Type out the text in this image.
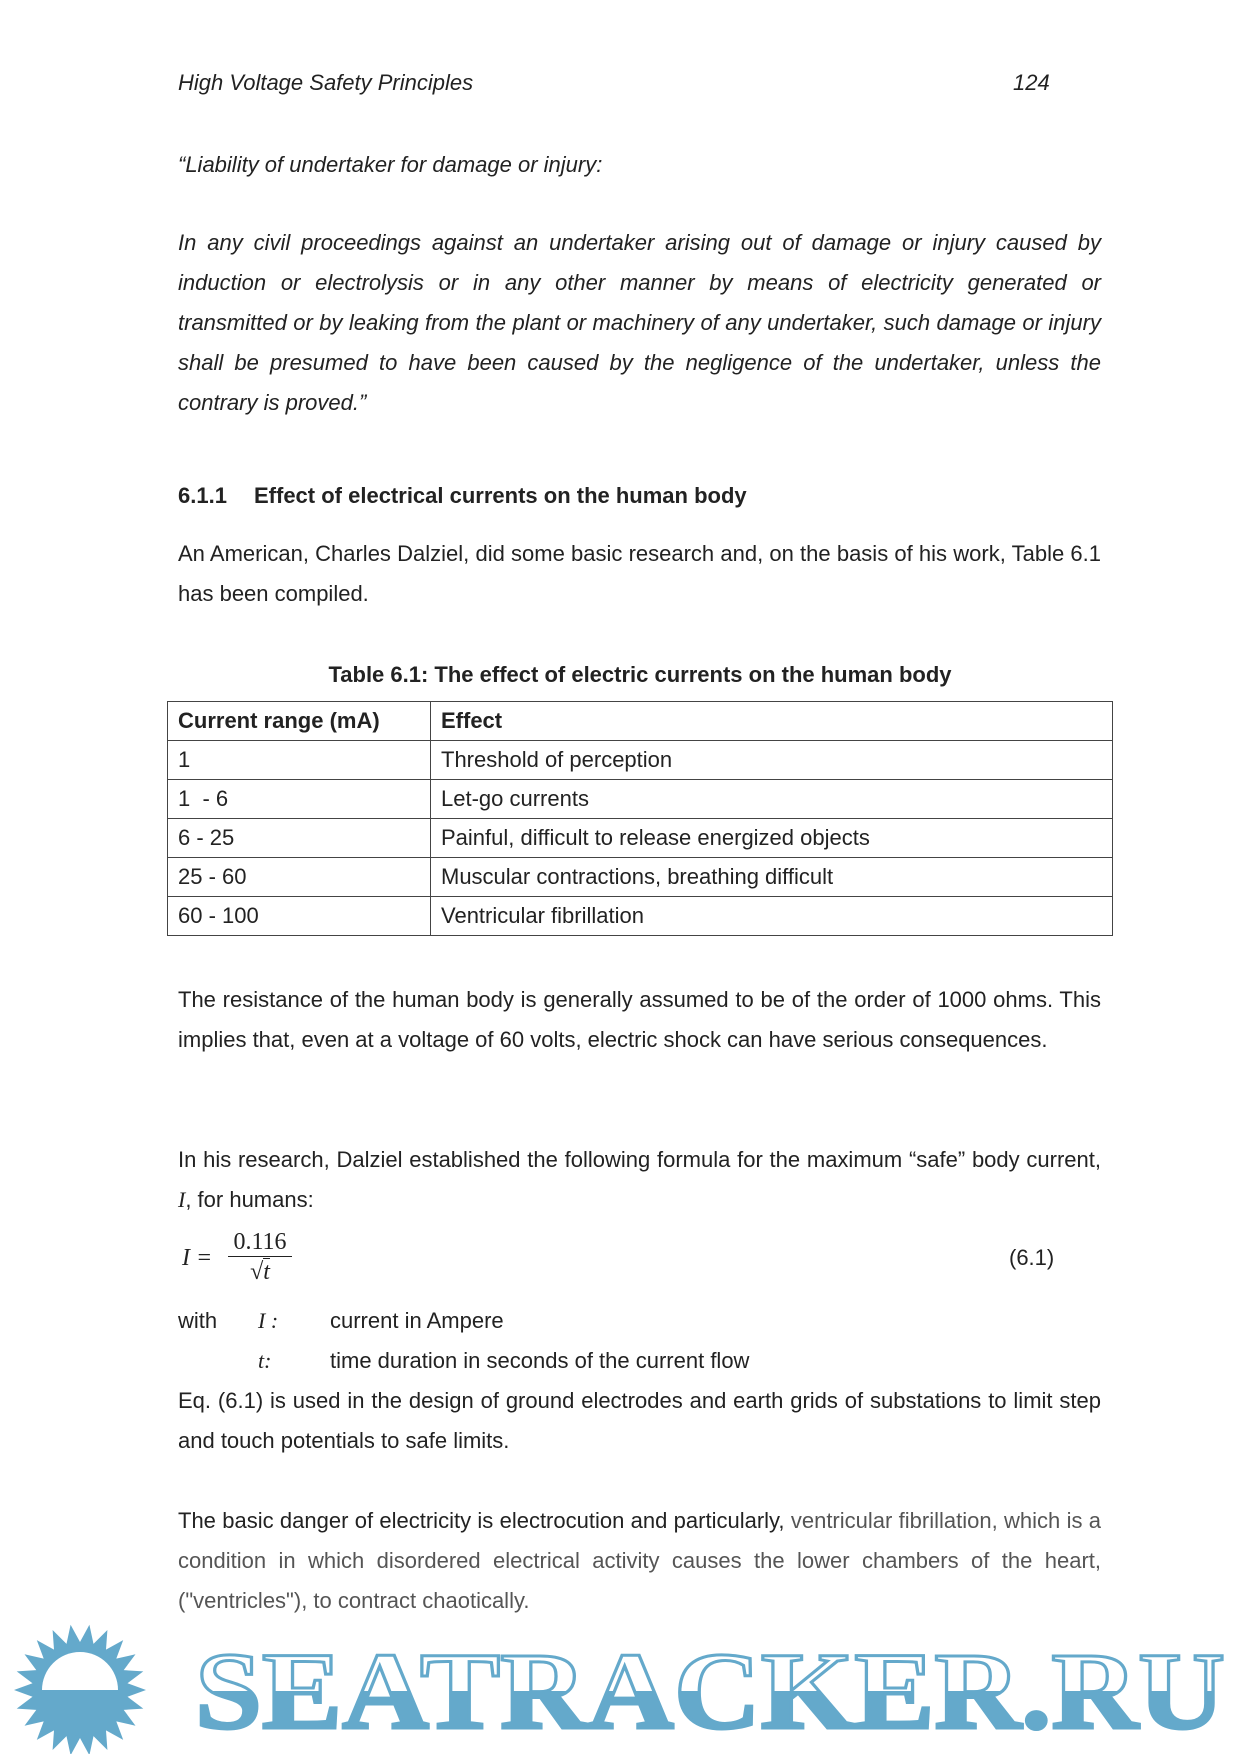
High Voltage Safety Principles	124
“Liability of undertaker for damage or injury:
In any civil proceedings against an undertaker arising out of damage or injury caused by induction or electrolysis or in any other manner by means of electricity generated or transmitted or by leaking from the plant or machinery of any undertaker, such damage or injury shall be presumed to have been caused by the negligence of the undertaker, unless the contrary is proved.”
6.1.1 Effect of electrical currents on the human body
An American, Charles Dalziel, did some basic research and, on the basis of his work, Table 6.1 has been compiled.
Table 6.1: The effect of electric currents on the human body
Current range (mA)	Effect
1	Threshold of perception
1  - 6	Let-go currents
6 - 25	Painful, difficult to release energized objects
25 - 60	Muscular contractions, breathing difficult
60 - 100	Ventricular fibrillation
The resistance of the human body is generally assumed to be of the order of 1000 ohms. This implies that, even at a voltage of 60 volts, electric shock can have serious consequences.
In his research, Dalziel established the following formula for the maximum “safe” body current, I, for humans:
$I = \frac{0.116}{√t}$	(6.1)
with I : current in Ampere
t:	time duration in seconds of the current flow
Eq. (6.1) is used in the design of ground electrodes and earth grids of substations to limit step and touch potentials to safe limits.
The basic danger of electricity is electrocution and particularly, ventricular fibrillation, which is a condition in which disordered electrical activity causes the lower chambers of the heart, ("ventricles"), to contract chaotically.
SEATRACKER.RU
